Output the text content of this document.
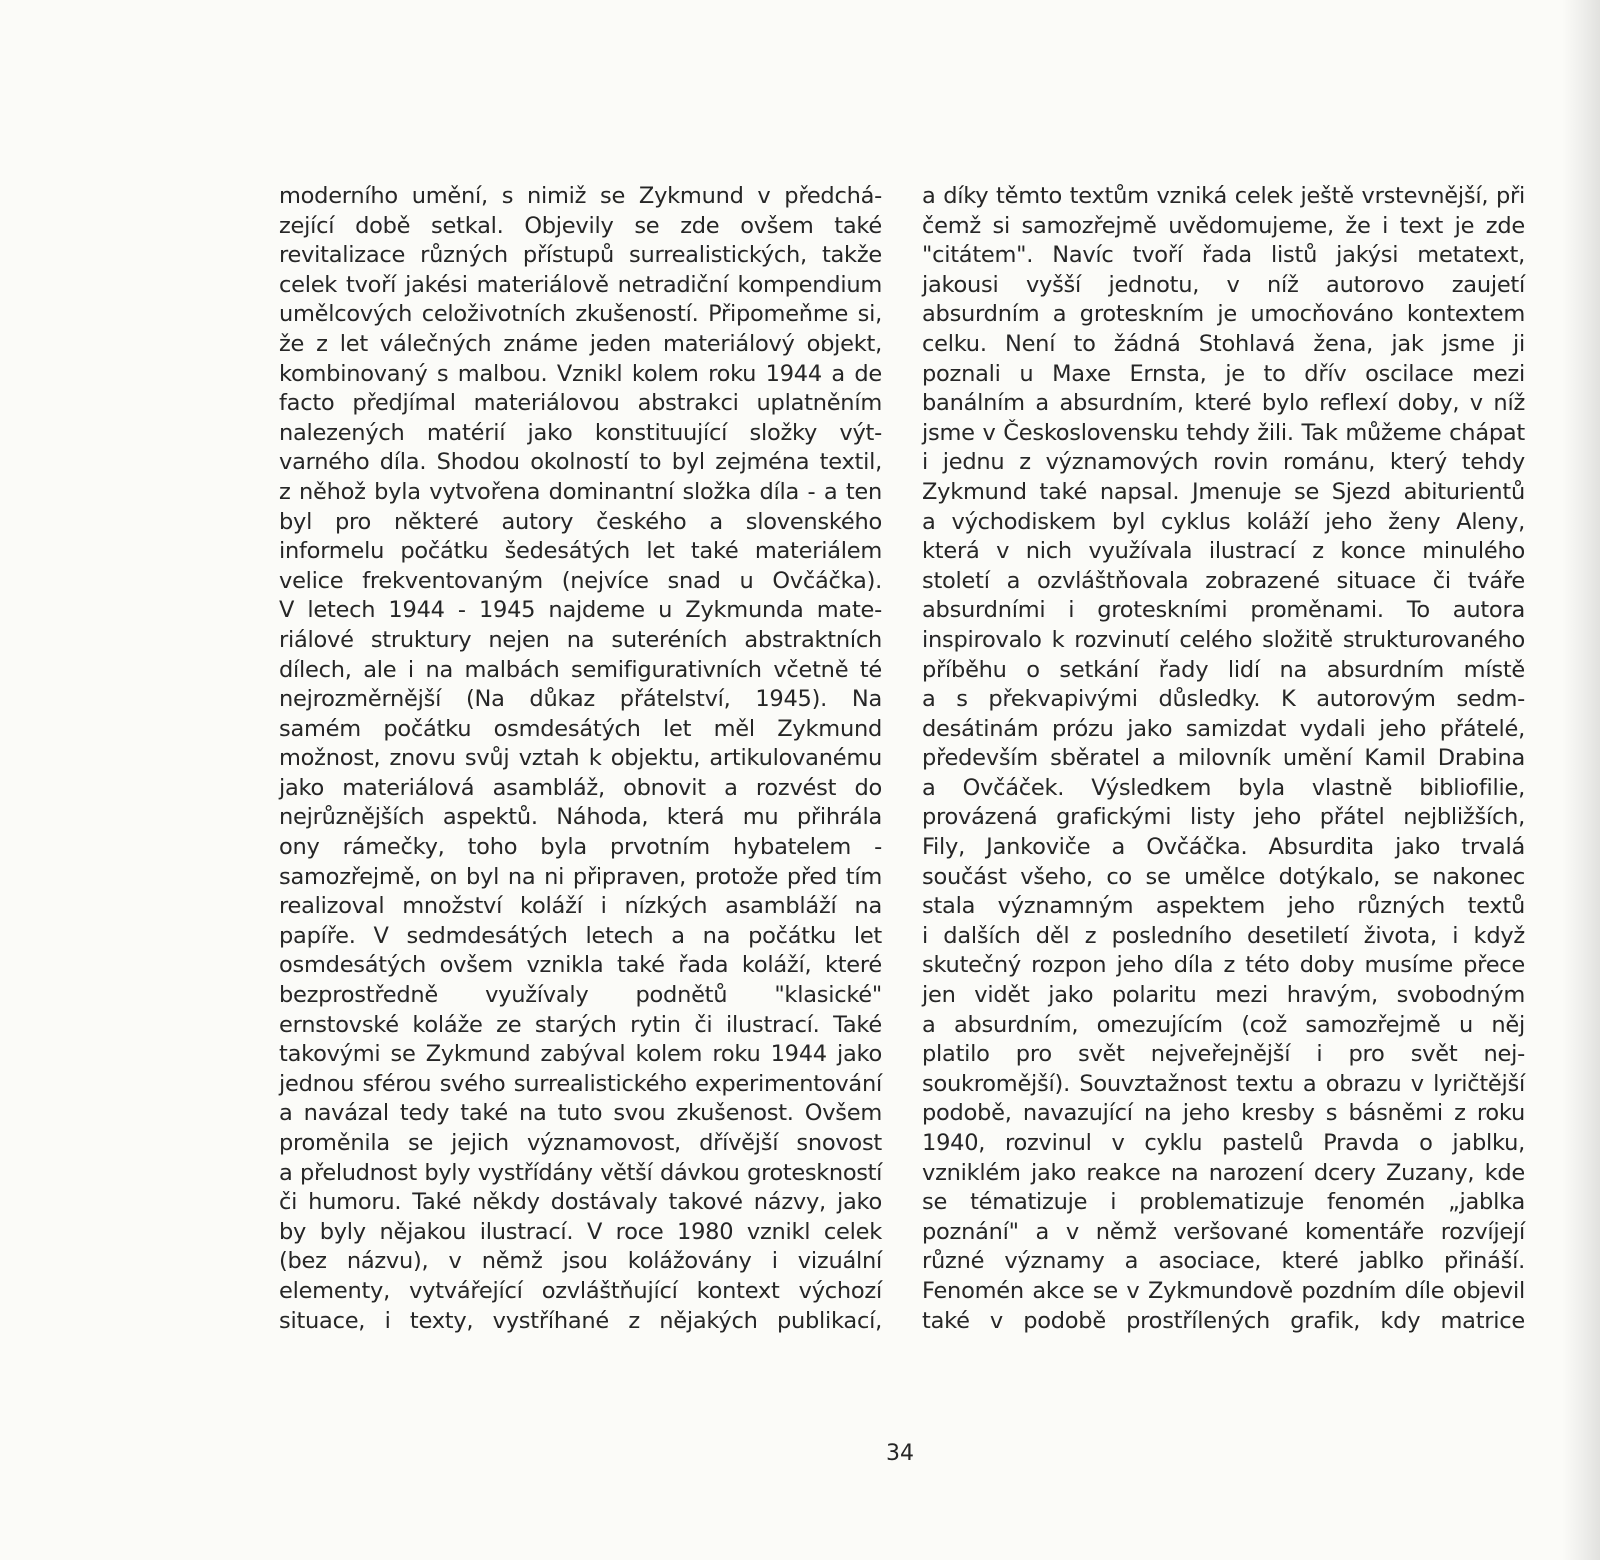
moderního umění, s nimiž se Zykmund v předchá-
zející době setkal. Objevily se zde ovšem také
revitalizace různých přístupů surrealistických, takže
celek tvoří jakési materiálově netradiční kompendium
umělcových celoživotních zkušeností. Připomeňme si,
že z let válečných známe jeden materiálový objekt,
kombinovaný s malbou. Vznikl kolem roku 1944 a de
facto předjímal materiálovou abstrakci uplatněním
nalezených matérií jako konstituující složky výt-
varného díla. Shodou okolností to byl zejména textil,
z něhož byla vytvořena dominantní složka díla - a ten
byl pro některé autory českého a slovenského
informelu počátku šedesátých let také materiálem
velice frekventovaným (nejvíce snad u Ovčáčka).
V letech 1944 - 1945 najdeme u Zykmunda mate-
riálové struktury nejen na suteréních abstraktních
dílech, ale i na malbách semifigurativních včetně té
nejrozměrnější (Na důkaz přátelství, 1945). Na
samém počátku osmdesátých let měl Zykmund
možnost, znovu svůj vztah k objektu, artikulovanému
jako materiálová asambláž, obnovit a rozvést do
nejrůznějších aspektů. Náhoda, která mu přihrála
ony rámečky, toho byla prvotním hybatelem -
samozřejmě, on byl na ni připraven, protože před tím
realizoval množství koláží i nízkých asambláží na
papíře. V sedmdesátých letech a na počátku let
osmdesátých ovšem vznikla také řada koláží, které
bezprostředně využívaly podnětů "klasické"
ernstovské koláže ze starých rytin či ilustrací. Také
takovými se Zykmund zabýval kolem roku 1944 jako
jednou sférou svého surrealistického experimentování
a navázal tedy také na tuto svou zkušenost. Ovšem
proměnila se jejich významovost, dřívější snovost
a přeludnost byly vystřídány větší dávkou groteskností
či humoru. Také někdy dostávaly takové názvy, jako
by byly nějakou ilustrací. V roce 1980 vznikl celek
(bez názvu), v němž jsou kolážovány i vizuální
elementy, vytvářející ozvláštňující kontext výchozí
situace, i texty, vystříhané z nějakých publikací,
a díky těmto textům vzniká celek ještě vrstevnější, při
čemž si samozřejmě uvědomujeme, že i text je zde
"citátem". Navíc tvoří řada listů jakýsi metatext,
jakousi vyšší jednotu, v níž autorovo zaujetí
absurdním a groteskním je umocňováno kontextem
celku. Není to žádná Stohlavá žena, jak jsme ji
poznali u Maxe Ernsta, je to dřív oscilace mezi
banálním a absurdním, které bylo reflexí doby, v níž
jsme v Československu tehdy žili. Tak můžeme chápat
i jednu z významových rovin románu, který tehdy
Zykmund také napsal. Jmenuje se Sjezd abiturientů
a východiskem byl cyklus koláží jeho ženy Aleny,
která v nich využívala ilustrací z konce minulého
století a ozvláštňovala zobrazené situace či tváře
absurdními i groteskními proměnami. To autora
inspirovalo k rozvinutí celého složitě strukturovaného
příběhu o setkání řady lidí na absurdním místě
a s překvapivými důsledky. K autorovým sedm-
desátinám prózu jako samizdat vydali jeho přátelé,
především sběratel a milovník umění Kamil Drabina
a Ovčáček. Výsledkem byla vlastně bibliofilie,
provázená grafickými listy jeho přátel nejbližších,
Fily, Jankoviče a Ovčáčka. Absurdita jako trvalá
součást všeho, co se umělce dotýkalo, se nakonec
stala významným aspektem jeho různých textů
i dalších děl z posledního desetiletí života, i když
skutečný rozpon jeho díla z této doby musíme přece
jen vidět jako polaritu mezi hravým, svobodným
a absurdním, omezujícím (což samozřejmě u něj
platilo pro svět nejveřejnější i pro svět nej-
soukromější). Souvztažnost textu a obrazu v lyričtější
podobě, navazující na jeho kresby s básněmi z roku
1940, rozvinul v cyklu pastelů Pravda o jablku,
vzniklém jako reakce na narození dcery Zuzany, kde
se tématizuje i problematizuje fenomén „jablka
poznání" a v němž veršované komentáře rozvíjejí
různé významy a asociace, které jablko přináší.
Fenomén akce se v Zykmundově pozdním díle objevil
také v podobě prostřílených grafik, kdy matrice
34
